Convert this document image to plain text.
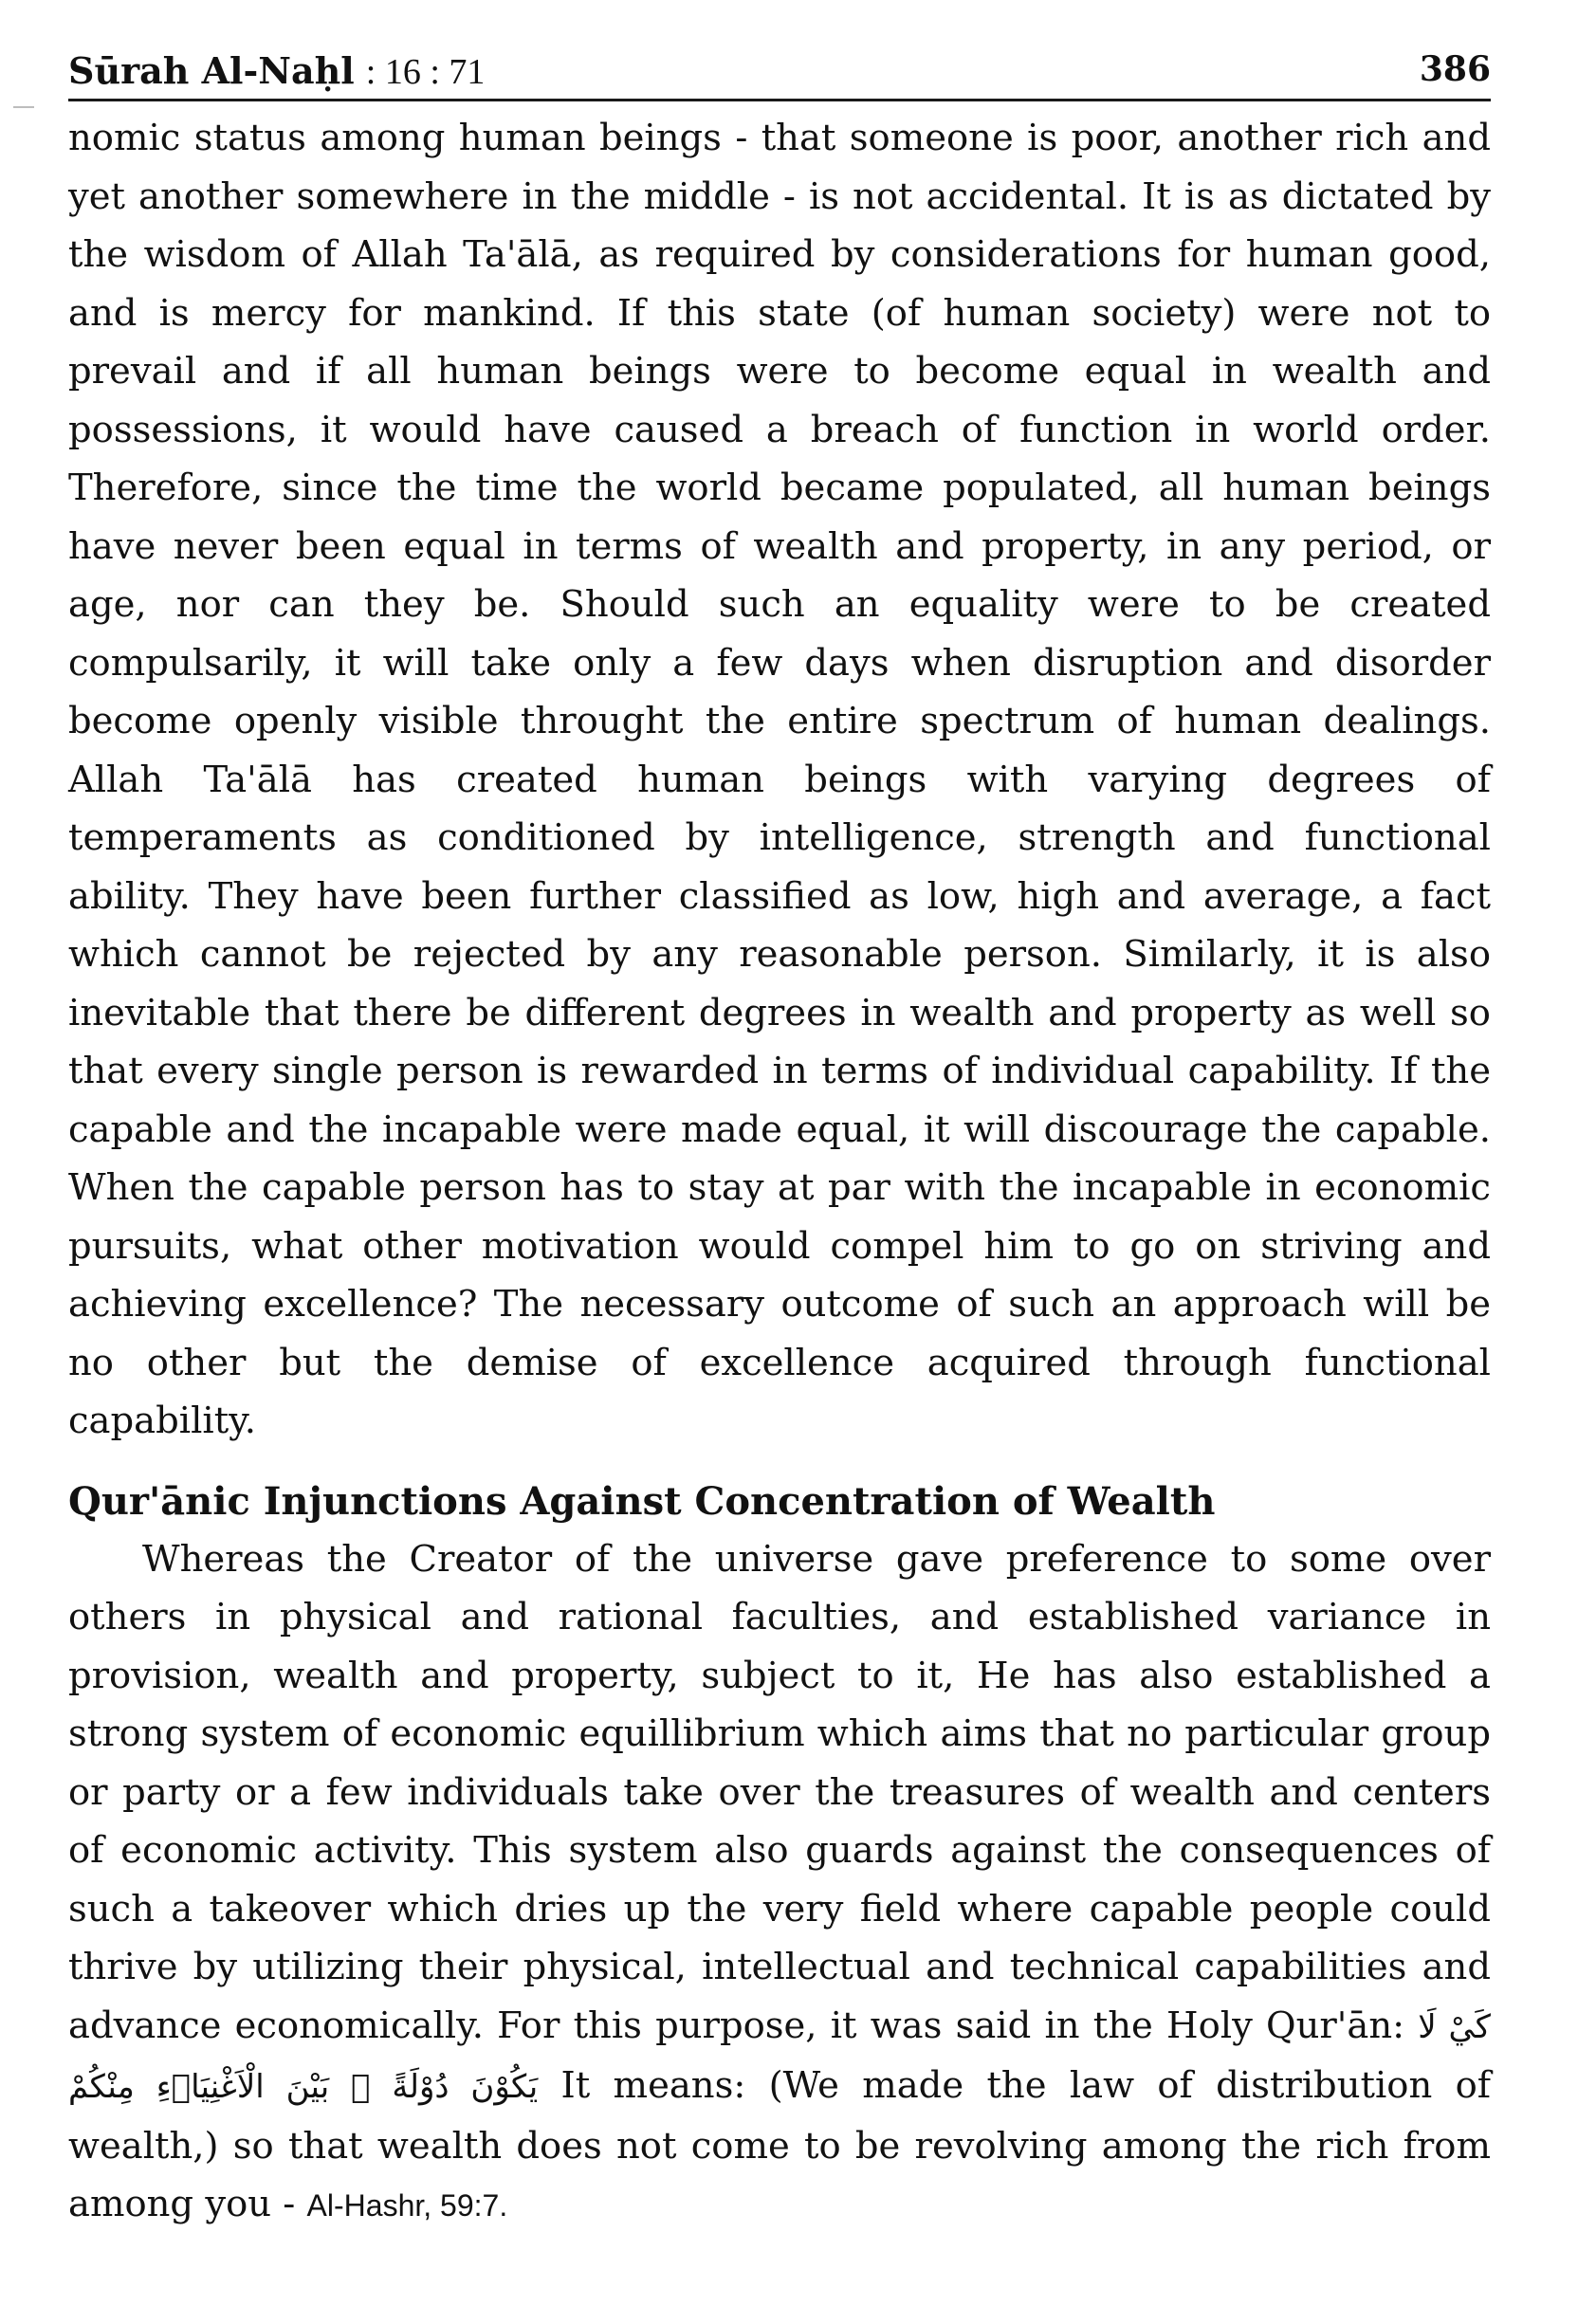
Sūrah Al-Naḥl : 16 : 71	386

nomic status among human beings - that someone is poor, another rich and yet another somewhere in the middle - is not accidental. It is as dictated by the wisdom of Allah Ta'ālā, as required by considerations for human good, and is mercy for mankind. If this state (of human society) were not to prevail and if all human beings were to become equal in wealth and possessions, it would have caused a breach of function in world order. Therefore, since the time the world became populated, all human beings have never been equal in terms of wealth and property, in any period, or age, nor can they be. Should such an equality were to be created compulsarily, it will take only a few days when disruption and disorder become openly visible throught the entire spectrum of human dealings. Allah Ta'ālā has created human beings with varying degrees of temperaments as conditioned by intelligence, strength and functional ability. They have been further classified as low, high and average, a fact which cannot be rejected by any reasonable person. Similarly, it is also inevitable that there be different degrees in wealth and property as well so that every single person is rewarded in terms of individual capability. If the capable and the incapable were made equal, it will discourage the capable. When the capable person has to stay at par with the incapable in economic pursuits, what other motivation would compel him to go on striving and achieving excellence? The necessary outcome of such an approach will be no other but the demise of excellence acquired through functional capability.

Qur'ānic Injunctions Against Concentration of Wealth

Whereas the Creator of the universe gave preference to some over others in physical and rational faculties, and established variance in provision, wealth and property, subject to it, He has also established a strong system of economic equillibrium which aims that no particular group or party or a few individuals take over the treasures of wealth and centers of economic activity. This system also guards against the consequences of such a takeover which dries up the very field where capable people could thrive by utilizing their physical, intellectual and technical capabilities and advance economically. For this purpose, it was said in the Holy Qur'ān: كَيْ لَا يَكُوْنَ دُوْلَةً ۢ بَيْنَ الْاَغْنِيَاۤءِ مِنْكُمْ It means: (We made the law of distribution of wealth,) so that wealth does not come to be revolving among the rich from among you - Al-Hashr, 59:7.
